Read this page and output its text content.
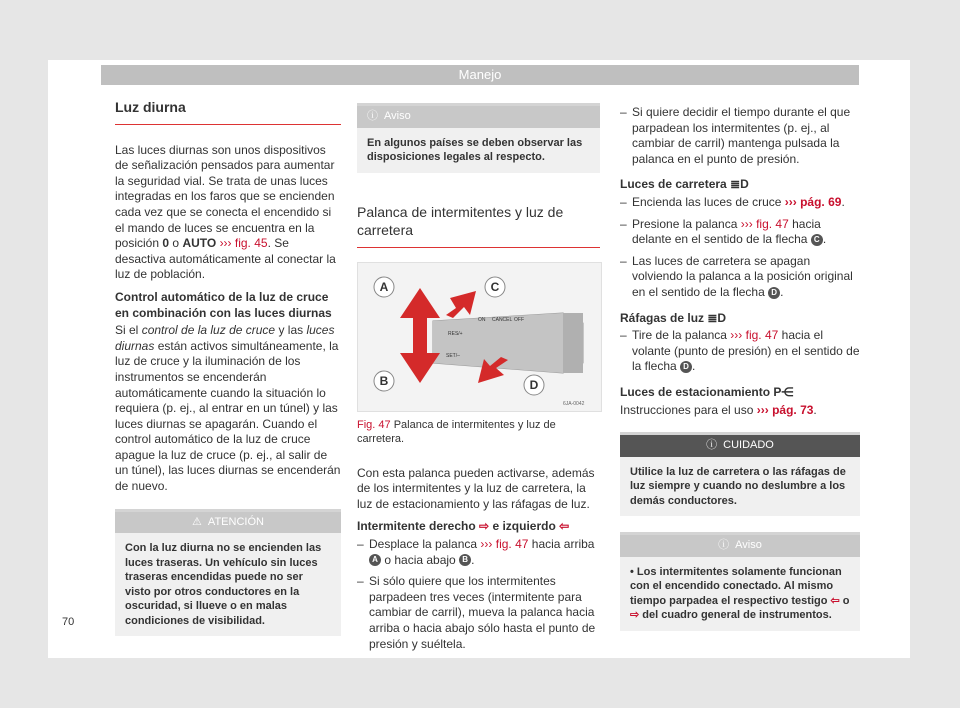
Manejo
Luz diurna

Las luces diurnas son unos dispositivos de señalización pensados para aumentar la seguridad vial. Se trata de unas luces integradas en los faros que se encienden cada vez que se conecta el encendido si el mando de luces se encuentra en la posición 0 o AUTO ››› fig. 45. Se desactiva automáticamente al conectar la luz de población.

Control automático de la luz de cruce en combinación con las luces diurnas

Si el control de la luz de cruce y las luces diurnas están activos simultáneamente, la luz de cruce y la iluminación de los instrumentos se encenderán automáticamente cuando la situación lo requiera (p. ej., al entrar en un túnel) y las luces diurnas se apagarán. Cuando el control automático de la luz de cruce apague la luz de cruce (p. ej., al salir de un túnel), las luces diurnas se encenderán de nuevo.

⚠ ATENCIÓN
Con la luz diurna no se encienden las luces traseras. Un vehículo sin luces traseras encendidas puede no ser visto por otros conductores en la oscuridad, si llueve o en malas condiciones de visibilidad.
ⓘ Aviso
En algunos países se deben observar las disposiciones legales al respecto.
Palanca de intermitentes y luz de carretera
A
B
C
D
ON CANCEL OFF
RES/+
SET/–
6JA-0042
Fig. 47 Palanca de intermitentes y luz de carretera.

Con esta palanca pueden activarse, además de los intermitentes y la luz de carretera, la luz de estacionamiento y las ráfagas de luz.

Intermitente derecho ⇨ e izquierdo ⇦

– Desplace la palanca ››› fig. 47 hacia arriba A o hacia abajo B .
– Si sólo quiere que los intermitentes parpadeen tres veces (intermitente para cambiar de carril), mueva la palanca hacia arriba o hacia abajo sólo hasta el punto de presión y suéltela.
– Si quiere decidir el tiempo durante el que parpadean los intermitentes (p. ej., al cambiar de carril) mantenga pulsada la palanca en el punto de presión.

Luces de carretera ≣D

– Encienda las luces de cruce ››› pág. 69.
– Presione la palanca ››› fig. 47 hacia delante en el sentido de la flecha C .
– Las luces de carretera se apagan volviendo la palanca a la posición original en el sentido de la flecha D .

Ráfagas de luz ≣D

– Tire de la palanca ››› fig. 47 hacia el volante (punto de presión) en el sentido de la flecha D .

Luces de estacionamiento P⋲

Instrucciones para el uso ››› pág. 73.

ⓘ CUIDADO
Utilice la luz de carretera o las ráfagas de luz siempre y cuando no deslumbre a los demás conductores.
ⓘ Aviso
• Los intermitentes solamente funcionan con el encendido conectado. Al mismo tiempo parpadea el respectivo testigo ⇦ o ⇨ del cuadro general de instrumentos.
70
